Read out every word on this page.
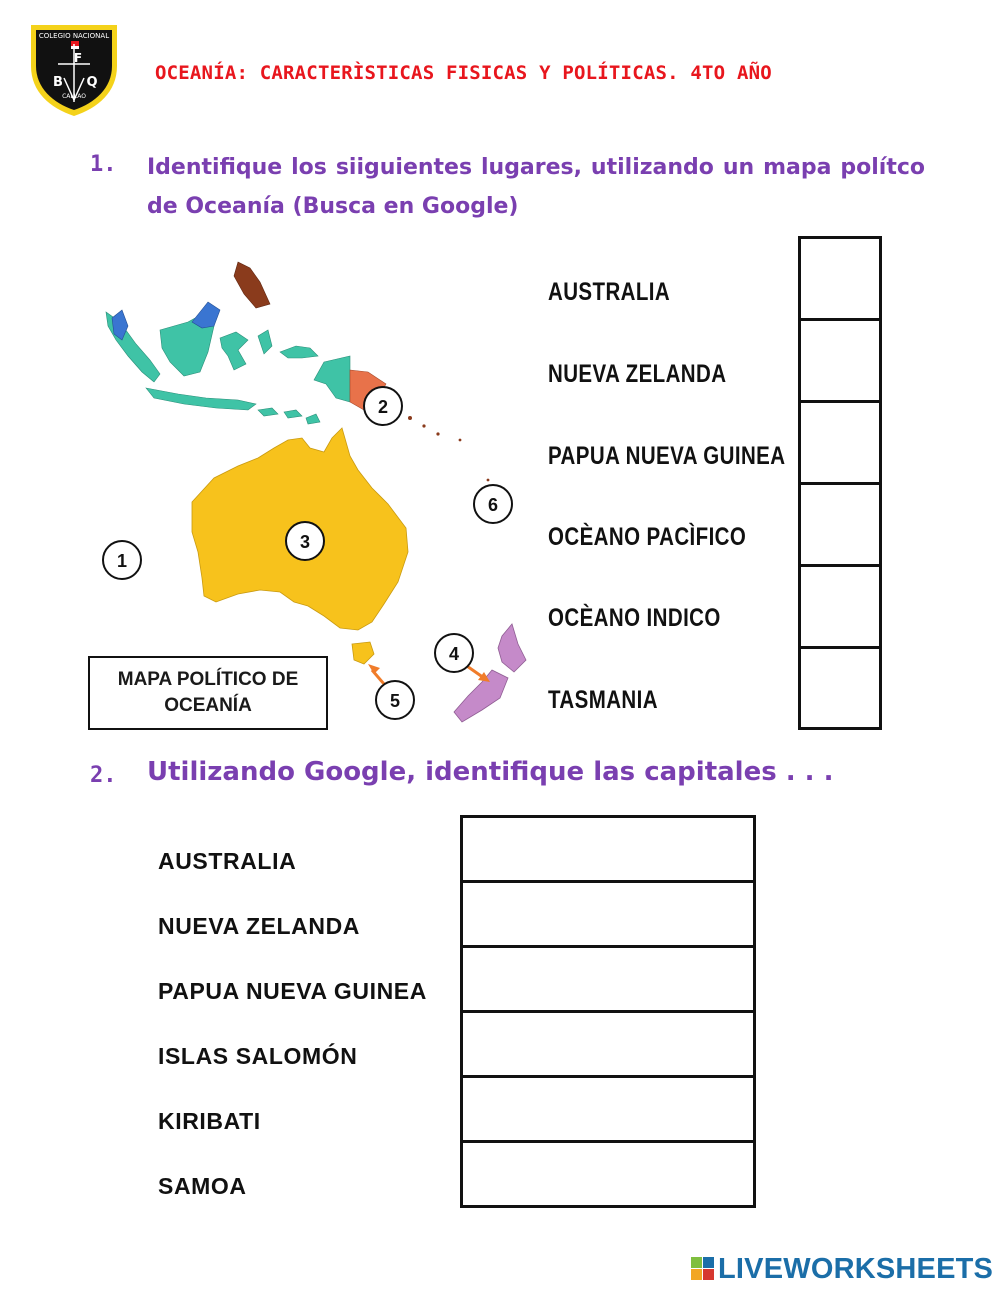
COLEGIO NACIONAL
F
B Q
CALLAO
OCEANÍA: CARACTERÌSTICAS FISICAS Y POLÍTICAS. 4TO AÑO
1. Identifique los siiguientes lugares, utilizando un mapa polítco de Oceanía (Busca en Google)
1
2
3
4
5
6
MAPA POLÍTICO DE OCEANÍA
AUSTRALIA
NUEVA ZELANDA
PAPUA NUEVA GUINEA
OCÈANO PACÌFICO
OCÈANO INDICO
TASMANIA
2. Utilizando Google, identifique las capitales . . .
AUSTRALIA
NUEVA ZELANDA
PAPUA NUEVA GUINEA
ISLAS SALOMÓN
KIRIBATI
SAMOA
LIVEWORKSHEETS
